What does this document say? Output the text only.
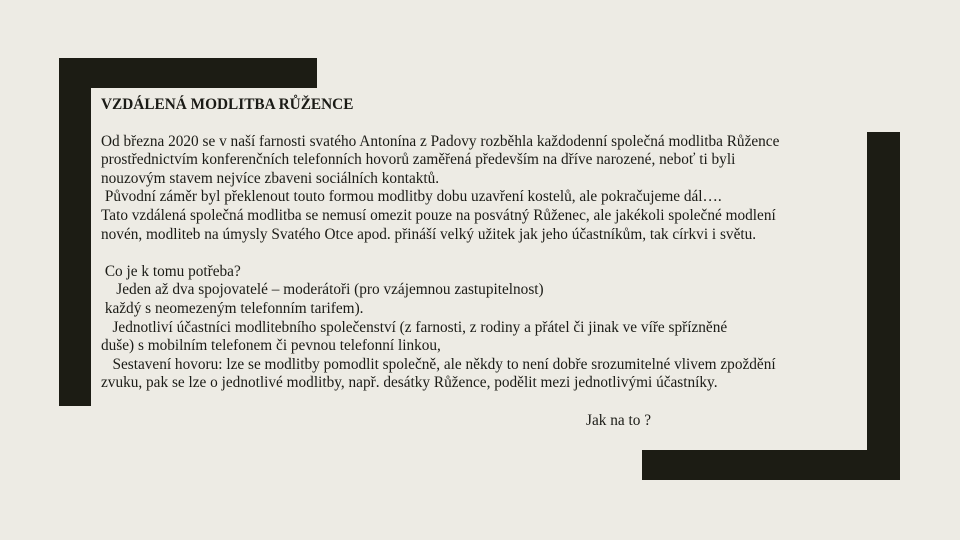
VZDÁLENÁ MODLITBA RŮŽENCE

Od března 2020 se v naší farnosti svatého Antonína z Padovy rozběhla každodenní společná modlitba Růžence

prostřednictvím konferenčních telefonních hovorů zaměřená především na dříve narozené, neboť ti byli

nouzovým stavem nejvíce zbaveni sociálních kontaktů.

Původní záměr byl překlenout touto formou modlitby dobu uzavření kostelů, ale pokračujeme dál….

Tato vzdálená společná modlitba se nemusí omezit pouze na posvátný Růženec, ale jakékoli společné modlení

novén, modliteb na úmysly Svatého Otce apod. přináší velký užitek jak jeho účastníkům, tak církvi i světu.

Co je k tomu potřeba?

Jeden až dva spojovatelé – moderátoři (pro vzájemnou zastupitelnost)

každý s neomezeným telefonním tarifem).

Jednotliví účastníci modlitebního společenství (z farnosti, z rodiny a přátel či jinak ve víře spřízněné

duše) s mobilním telefonem či pevnou telefonní linkou,

Sestavení hovoru: lze se modlitby pomodlit společně, ale někdy to není dobře srozumitelné vlivem zpoždění

zvuku, pak se lze o jednotlivé modlitby, např. desátky Růžence, podělit mezi jednotlivými účastníky.

Jak na to ?
